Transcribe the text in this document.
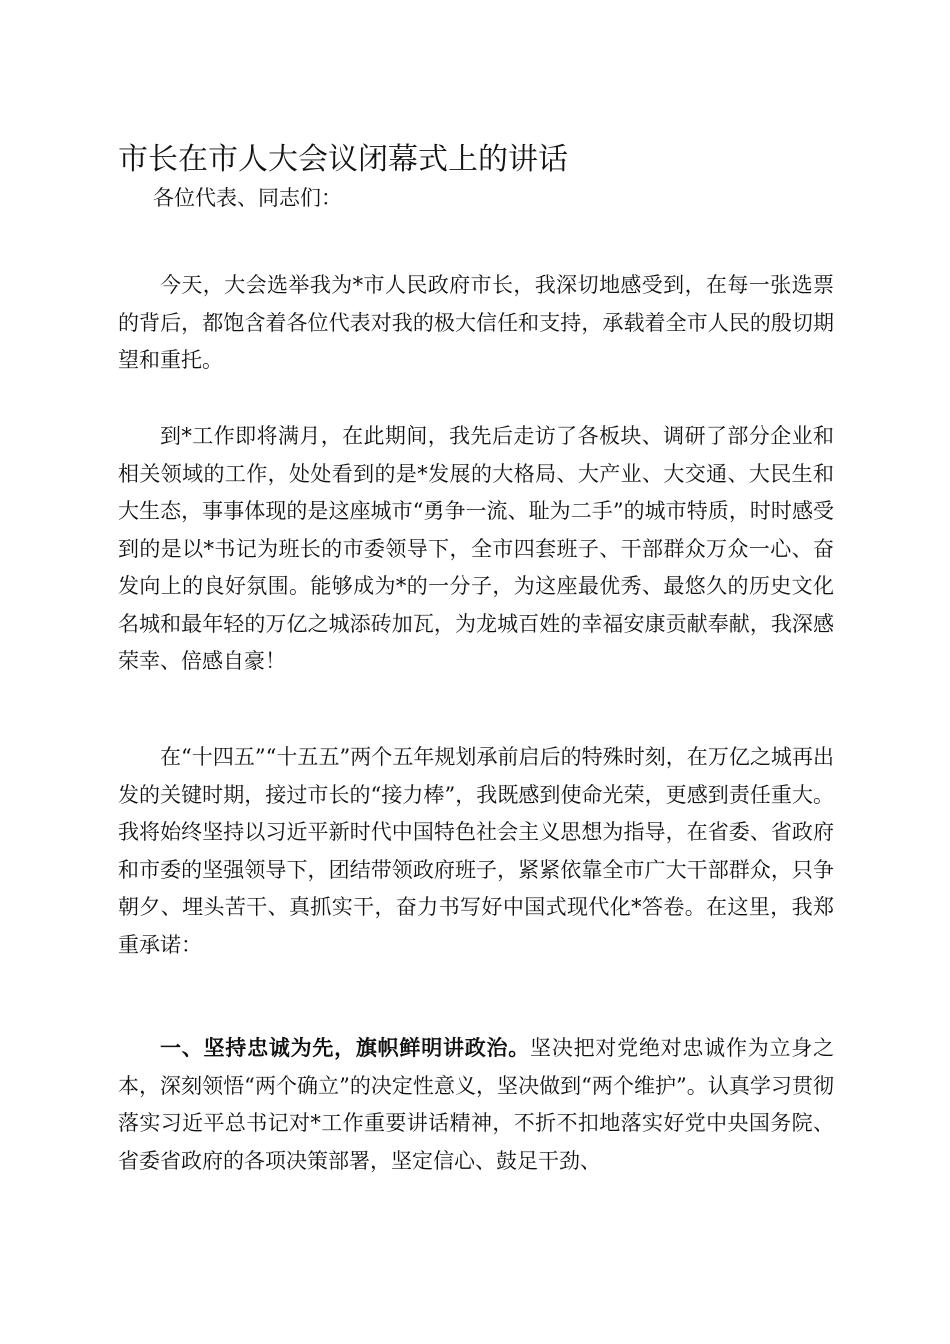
市长在市人大会议闭幕式上的讲话

各位代表、同志们：

今天，大会选举我为*市人民政府市长，我深切地感受到，在每一张选票的背后，都饱含着各位代表对我的极大信任和支持，承载着全市人民的殷切期望和重托。

到*工作即将满月，在此期间，我先后走访了各板块、调研了部分企业和相关领域的工作，处处看到的是*发展的大格局、大产业、大交通、大民生和大生态，事事体现的是这座城市“勇争一流、耻为二手”的城市特质，时时感受到的是以*书记为班长的市委领导下，全市四套班子、干部群众万众一心、奋发向上的良好氛围。能够成为*的一分子，为这座最优秀、最悠久的历史文化名城和最年轻的万亿之城添砖加瓦，为龙城百姓的幸福安康贡献奉献，我深感荣幸、倍感自豪！

在“十四五”“十五五”两个五年规划承前启后的特殊时刻，在万亿之城再出发的关键时期，接过市长的“接力棒”，我既感到使命光荣，更感到责任重大。我将始终坚持以习近平新时代中国特色社会主义思想为指导，在省委、省政府和市委的坚强领导下，团结带领政府班子，紧紧依靠全市广大干部群众，只争朝夕、埋头苦干、真抓实干，奋力书写好中国式现代化*答卷。在这里，我郑重承诺：

一、坚持忠诚为先，旗帜鲜明讲政治。坚决把对党绝对忠诚作为立身之本，深刻领悟“两个确立”的决定性意义，坚决做到“两个维护”。认真学习贯彻落实习近平总书记对*工作重要讲话精神，不折不扣地落实好党中央国务院、省委省政府的各项决策部署，坚定信心、鼓足干劲、
